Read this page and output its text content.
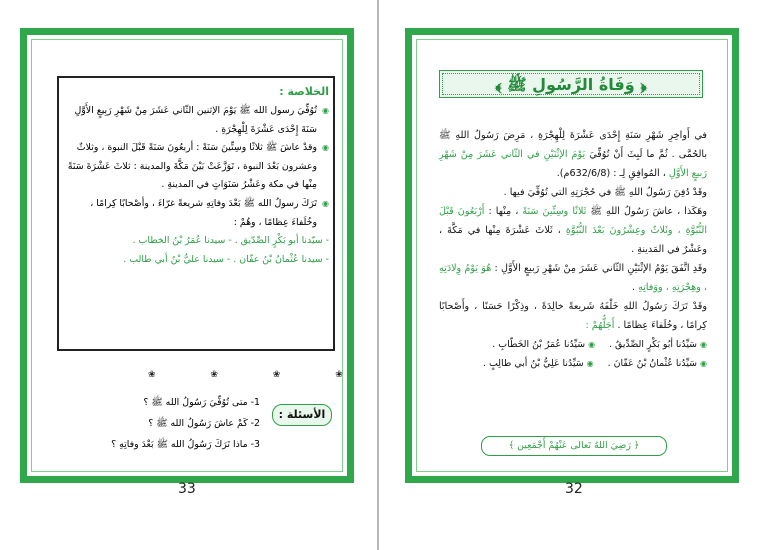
الخلاصة :

◉
تُوُفِّيَ رسول الله ﷺ يَوْمَ الإثنين الثّاني عَشَرَ مِنْ شَهْرِ رَبِيعٍ الأَوَّلِ سَنَةَ إِحْدَى عَشْرَةَ لِلْهِجْرَةِ .

◉
وقدْ عاشَ ﷺ ثلاثًا وسِتِّينَ سَنَةً : أربعُونَ سَنَةً قَبْلَ النبوة ، وثلاثٌ وعشرون بَعْدَ النبوة ، تَوَزَّعَتْ بَيْنَ مَكَّةَ والمدينة : ثلاثَ عَشْرَةَ سَنَةً مِنْها في مكة وعَشْرُ سَنَوَاتٍ في المدينةِ .

◉
تَرَكَ رسولُ الله ﷺ بَعْدَ وفاتِهِ شريعةً غرّاءَ ، وأصْحابًا كِرامًا ، وخُلَفاءَ عِظامًا ، وهُمْ :

- سيّدنا أبو بَكْرٍ الصِّدّيق . - سيدنا عُمَرُ بْنُ الخطاب .

- سيدنا عُثْمانُ بْنُ عفّان . - سيدنا عليُّ بْنُ أبي طالب .

❀ ❀ ❀ ❀
الأسئلة :
1- متى تُوُفِّيَ رَسُولُ الله ﷺ ؟
2- كَمْ عاشَ رَسُولُ الله ﷺ ؟
3- ماذا تَرَكَ رَسُولُ الله ﷺ بَعْدَ وفاتِهِ ؟
33
﴿ وَفَاةُ الرَّسُولِ ﷺ ﴾

في أَواخِرِ شَهْرِ سَنَةِ إِحْدَى عَشْرَةَ لِلْهِجْرَةِ ، مَرِضَ رَسُولُ اللهِ ﷺ بالحُمَّى . ثُمَّ ما لَبِثَ أَنْ تُوُفِّيَ يَوْمَ الإثْنَيْنِ في الثّاني عَشَرَ مِنْ شَهْرِ رَبيعٍ الأَوَّلِ ، المُوافِقِ لِـ : (632/6/8م).

وقَدْ دُفِنَ رَسُولُ اللهِ ﷺ في حُجْرَتِهِ التي تُوُفِّيَ فيها .

وهَكَذا ، عاشَ رَسُولُ اللهِ ﷺ ثَلاثًا وسِتِّينَ سَنَةً ، مِنْها : أَرْبَعُونَ قَبْلَ النُّبُوَّةِ ، وثَلاثٌ وعِشْرُونَ بَعْدَ النُّبُوَّةِ ، ثَلاثَ عَشْرَةَ مِنْها في مَكَّةَ ، وعَشْرٌ في المَدينةِ .

وقَدِ اتَّفَقَ يَوْمُ الإثْنَيْنِ الثّاني عَشَرَ مِنْ شَهْرِ رَبيعٍ الأَوَّلِ : هُوَ يَوْمُ وِلادَتِهِ ، وهِجْرَتِهِ ، ووَفاتِهِ .

وقَدْ تَرَكَ رَسُولُ اللهِ خَلْفَهُ شَريعةً خالِدَةً ، وذِكْرًا حَسَنًا ، وأَصْحابًا كِرامًا ، وخُلَفاءَ عِظامًا . أَجَلُّهُمْ :

◉سَيِّدُنا أبُو بَكْرٍ الصِّدِّيقُ .
◉سَيِّدُنا عُمَرُ بْنُ الخَطّابِ .
◉سَيِّدُنا عُثْمانُ بْنُ عَفّانَ .
◉سَيِّدُنا عَلِيُّ بْنُ أبي طالِبٍ .
﴿ رَضِيَ اللهُ تَعالى عَنْهُمْ أَجْمَعِين ﴾
32
